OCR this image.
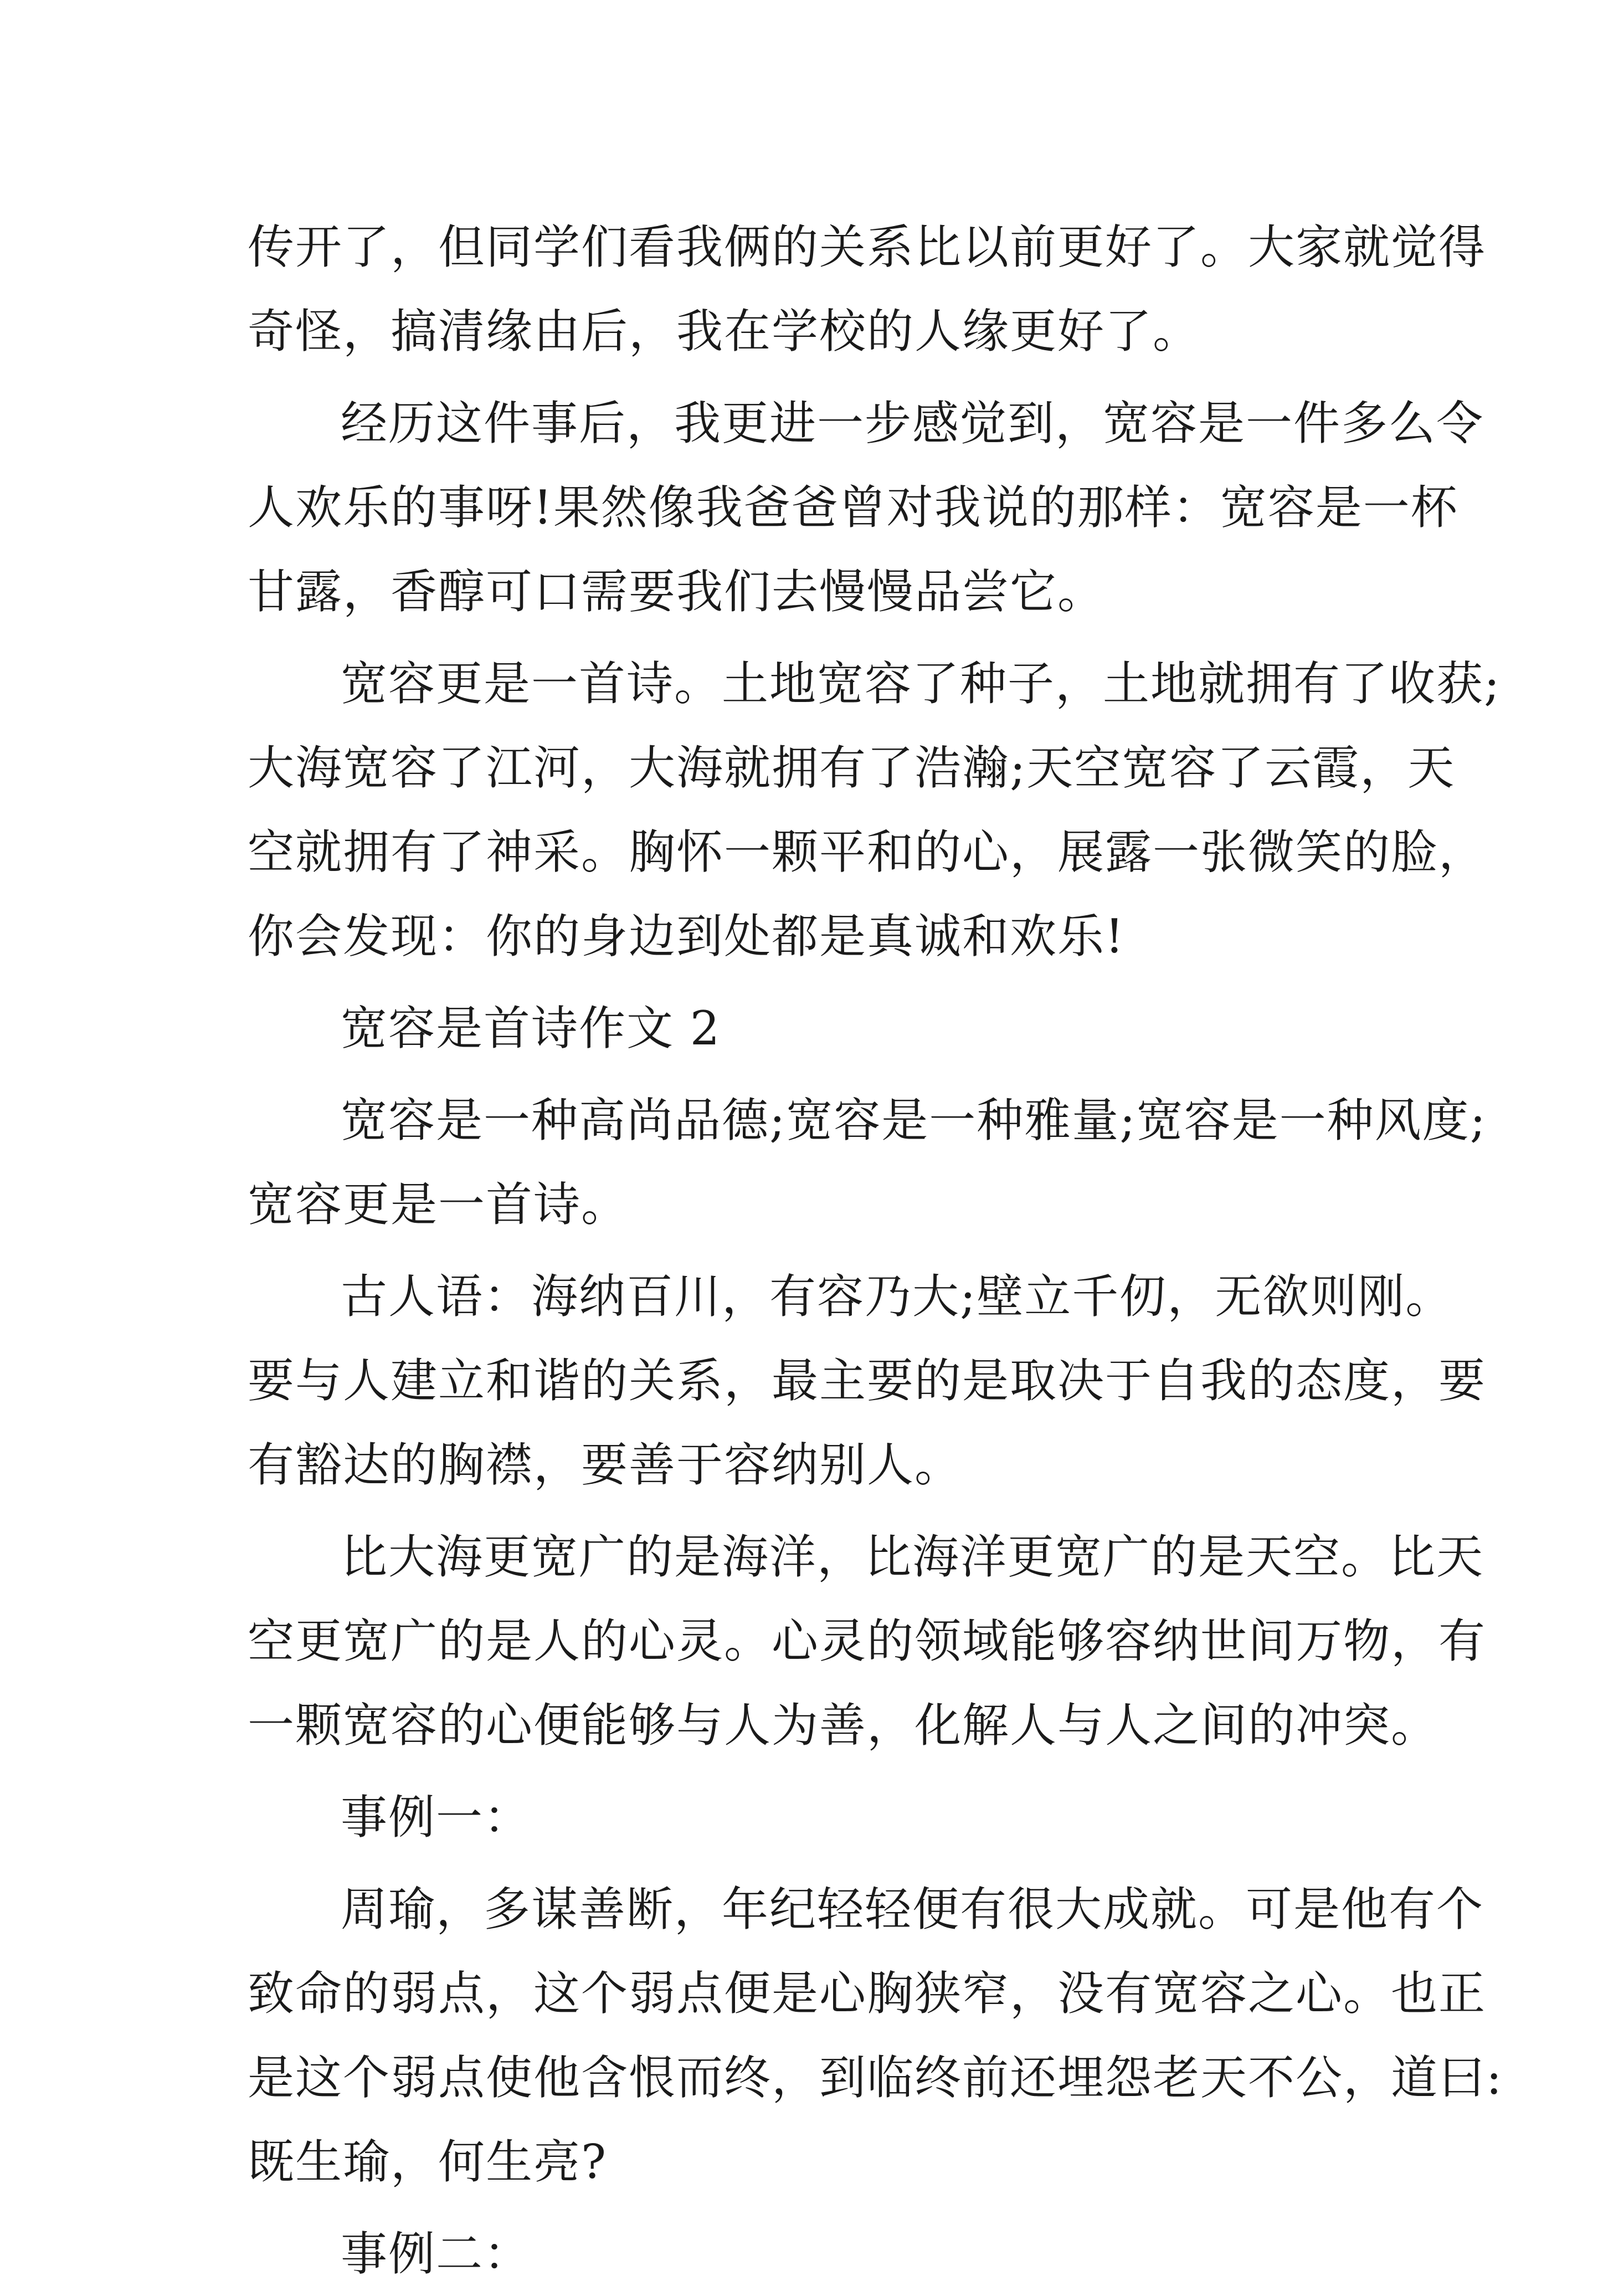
传开了，但同学们看我俩的关系比以前更好了。大家就觉得
奇怪，搞清缘由后，我在学校的人缘更好了。
经历这件事后，我更进一步感觉到，宽容是一件多么令
人欢乐的事呀!果然像我爸爸曾对我说的那样：宽容是一杯
甘露，香醇可口需要我们去慢慢品尝它。
宽容更是一首诗。土地宽容了种子，土地就拥有了收获;
大海宽容了江河，大海就拥有了浩瀚;天空宽容了云霞，天
空就拥有了神采。胸怀一颗平和的心，展露一张微笑的脸，
你会发现：你的身边到处都是真诚和欢乐!
宽容是首诗作文 2
宽容是一种高尚品德;宽容是一种雅量;宽容是一种风度;
宽容更是一首诗。
古人语：海纳百川，有容乃大;壁立千仞，无欲则刚。
要与人建立和谐的关系，最主要的是取决于自我的态度，要
有豁达的胸襟，要善于容纳别人。
比大海更宽广的是海洋，比海洋更宽广的是天空。比天
空更宽广的是人的心灵。心灵的领域能够容纳世间万物，有
一颗宽容的心便能够与人为善，化解人与人之间的冲突。
事例一：
周瑜，多谋善断，年纪轻轻便有很大成就。可是他有个
致命的弱点，这个弱点便是心胸狭窄，没有宽容之心。也正
是这个弱点使他含恨而终，到临终前还埋怨老天不公，道曰:
既生瑜，何生亮?
事例二：
